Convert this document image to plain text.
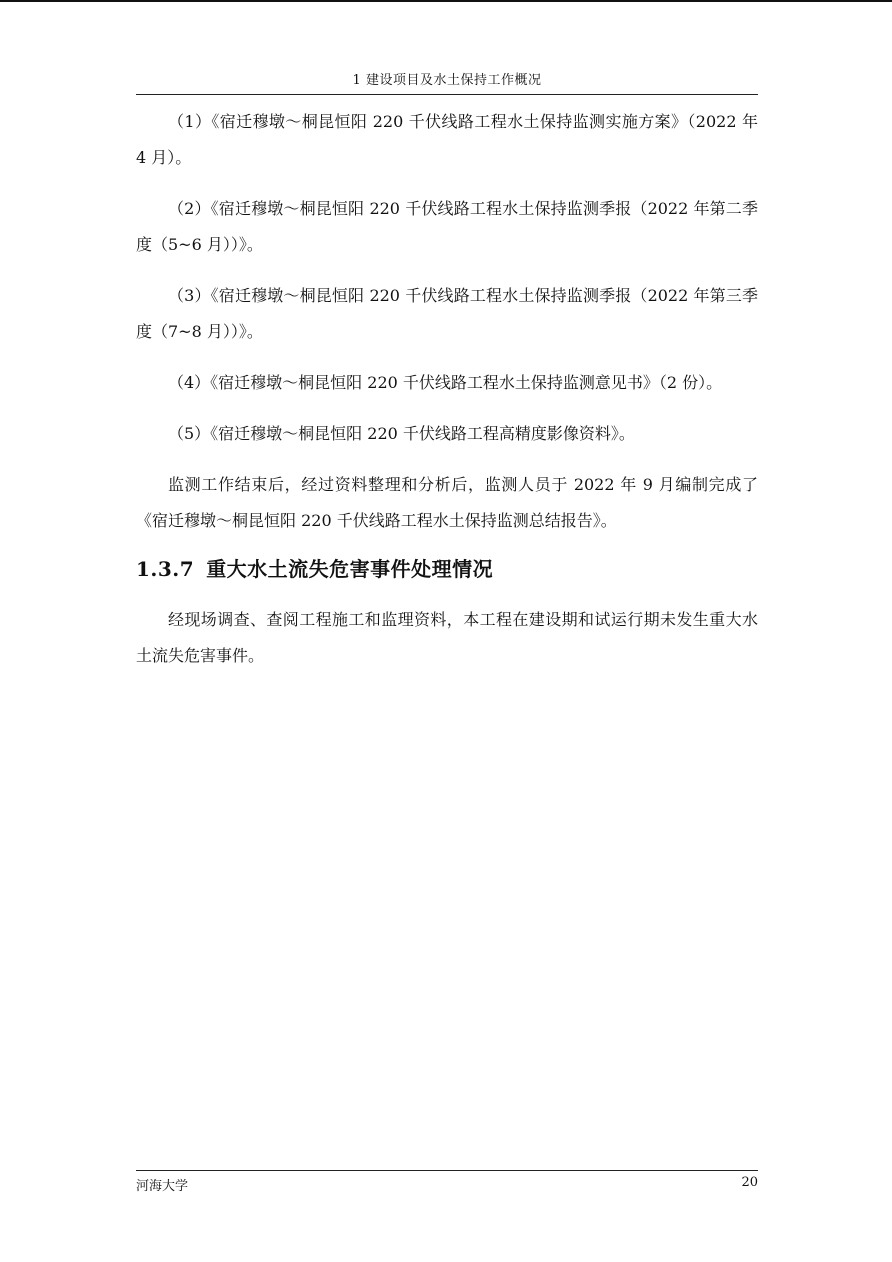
1 建设项目及水土保持工作概况

（1）《宿迁穆墩～桐昆恒阳 220 千伏线路工程水土保持监测实施方案》（2022 年 4 月）。

（2）《宿迁穆墩～桐昆恒阳 220 千伏线路工程水土保持监测季报（2022 年第二季度（5~6 月））》。

（3）《宿迁穆墩～桐昆恒阳 220 千伏线路工程水土保持监测季报（2022 年第三季度（7~8 月））》。

（4）《宿迁穆墩～桐昆恒阳 220 千伏线路工程水土保持监测意见书》（2 份）。

（5）《宿迁穆墩～桐昆恒阳 220 千伏线路工程高精度影像资料》。

监测工作结束后，经过资料整理和分析后，监测人员于 2022 年 9 月编制完成了《宿迁穆墩～桐昆恒阳 220 千伏线路工程水土保持监测总结报告》。

1.3.7 重大水土流失危害事件处理情况

经现场调查、查阅工程施工和监理资料，本工程在建设期和试运行期未发生重大水土流失危害事件。

河海大学	20
